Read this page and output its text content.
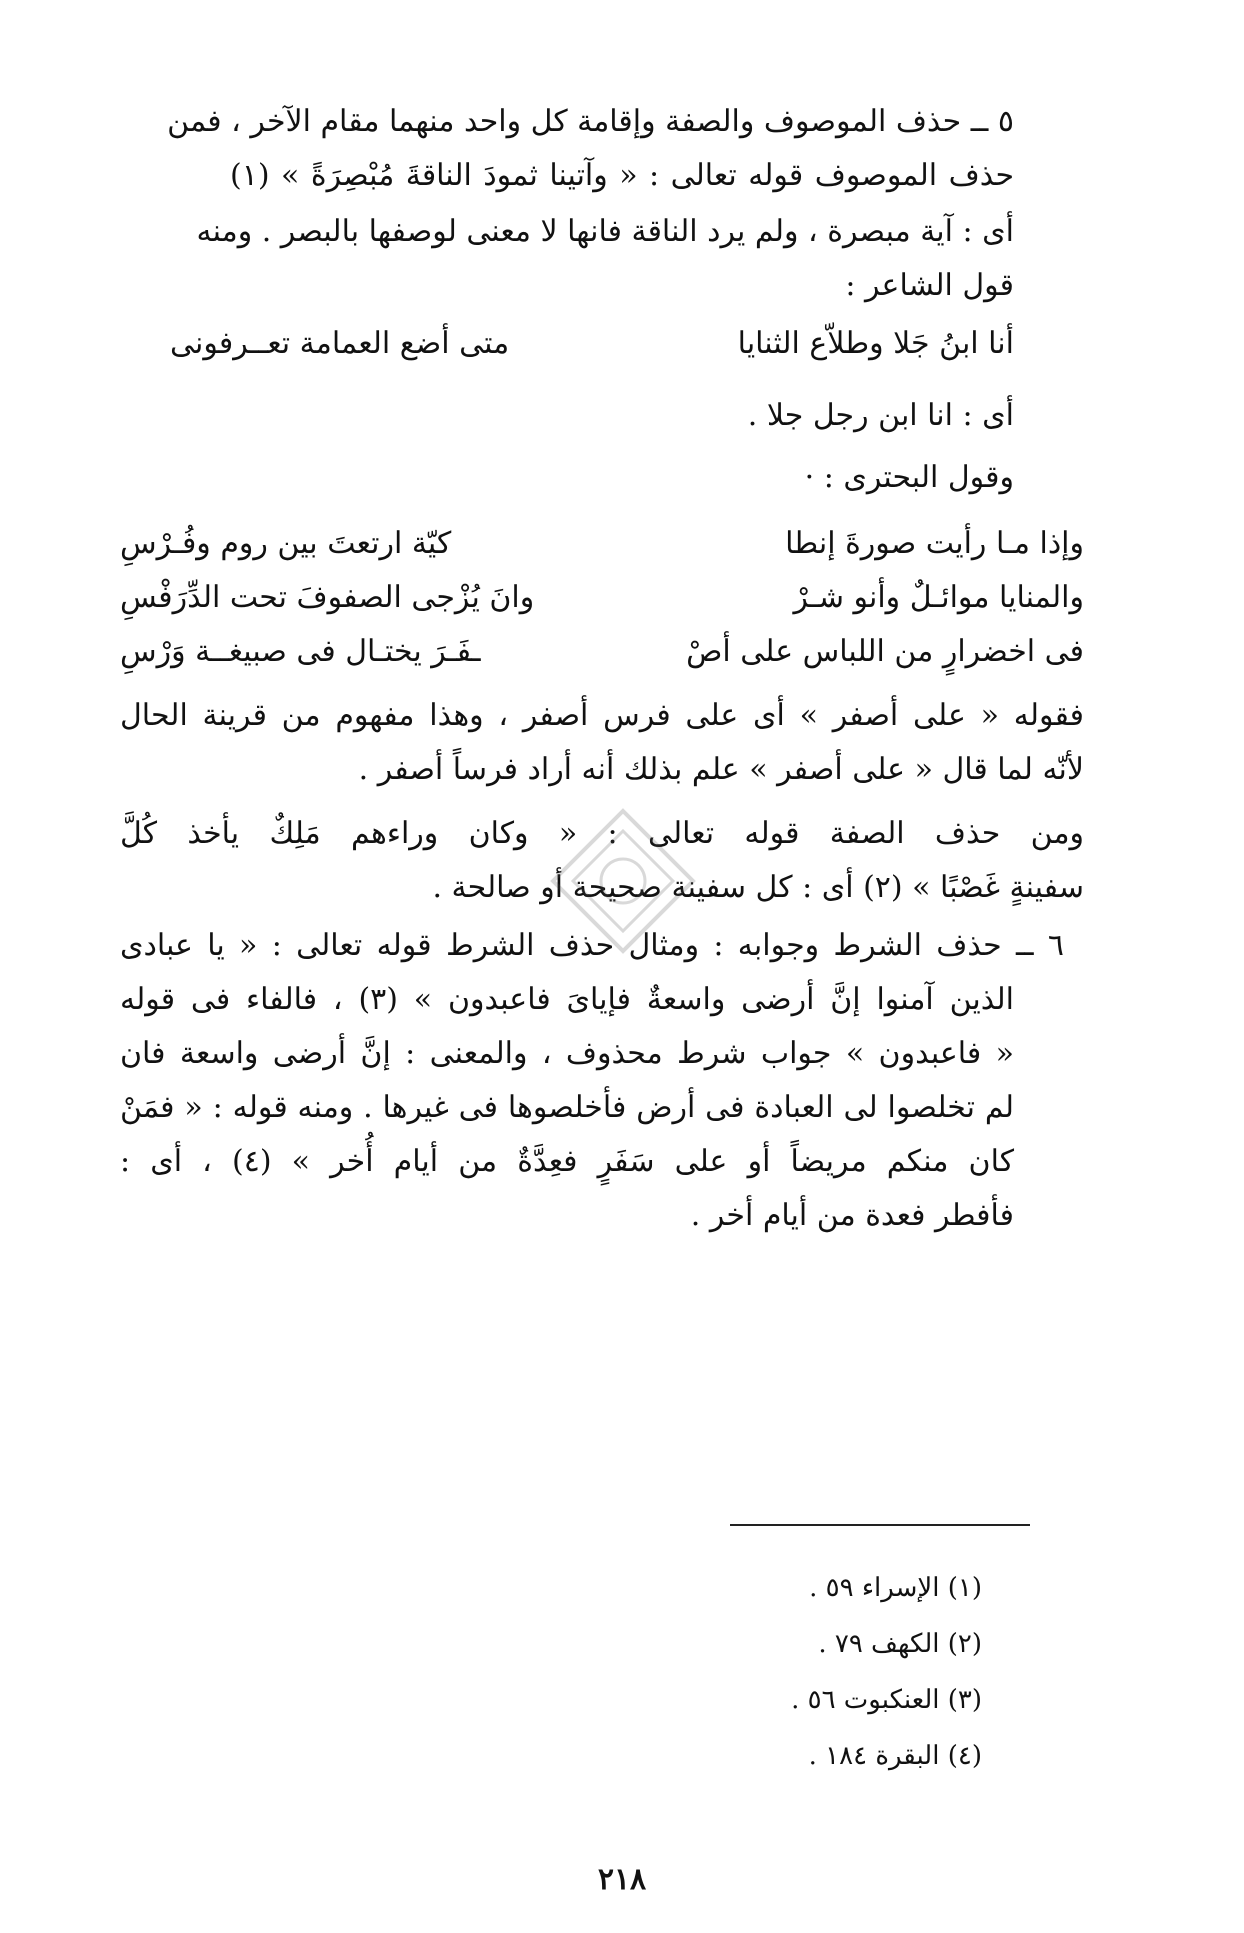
٥ ــ حذف الموصوف والصفة وإقامة كل واحد منهما مقام الآخر ، فمن
حذف الموصوف قوله تعالى : « وآتينا ثمودَ الناقةَ مُبْصِرَةً » (١)
أى : آية مبصرة ، ولم يرد الناقة فانها لا معنى لوصفها بالبصر . ومنه
قول الشاعر :
أنا ابنُ جَلا وطلاّع الثنايا
متى أضع العمامة تعــرفونى
أى : انا ابن رجل جلا .
وقول البحترى : ·
وإذا مـا رأيت صورةَ إنطا
كيّة ارتعتَ بين روم وفُـرْسِ
والمنايا موائـلٌ وأنو شـرْ
وانَ يُزْجى الصفوفَ تحت الدِّرَفْسِ
فى اخضرارٍ من اللباس على أصْ
ـفَـرَ يختـال فى صبيغــة وَرْسِ
فقوله « على أصفر » أى على فرس أصفر ، وهذا مفهوم من قرينة الحال
لأنّه لما قال « على أصفر » علم بذلك أنه أراد فرساً أصفر .
ومن حذف الصفة قوله تعالى : « وكان وراءهم مَلِكٌ يأخذ كُلَّ
سفينةٍ غَصْبًا » (٢) أى : كل سفينة صحيحة أو صالحة .
٦ ــ حذف الشرط وجوابه : ومثال حذف الشرط قوله تعالى : « يا عبادى
الذين آمنوا إنَّ أرضى واسعةٌ فإياىَ فاعبدون » (٣) ، فالفاء فى قوله
« فاعبدون » جواب شرط محذوف ، والمعنى : إنَّ أرضى واسعة فان
لم تخلصوا لى العبادة فى أرض فأخلصوها فى غيرها . ومنه قوله : « فمَنْ
كان منكم مريضاً أو على سَفَرٍ فعِدَّةٌ من أيام أُخر » (٤) ، أى :
فأفطر فعدة من أيام أخر .
(١) الإسراء ٥٩ .
(٢) الكهف ٧٩ .
(٣) العنكبوت ٥٦ .
(٤) البقرة ١٨٤ .
٢١٨
